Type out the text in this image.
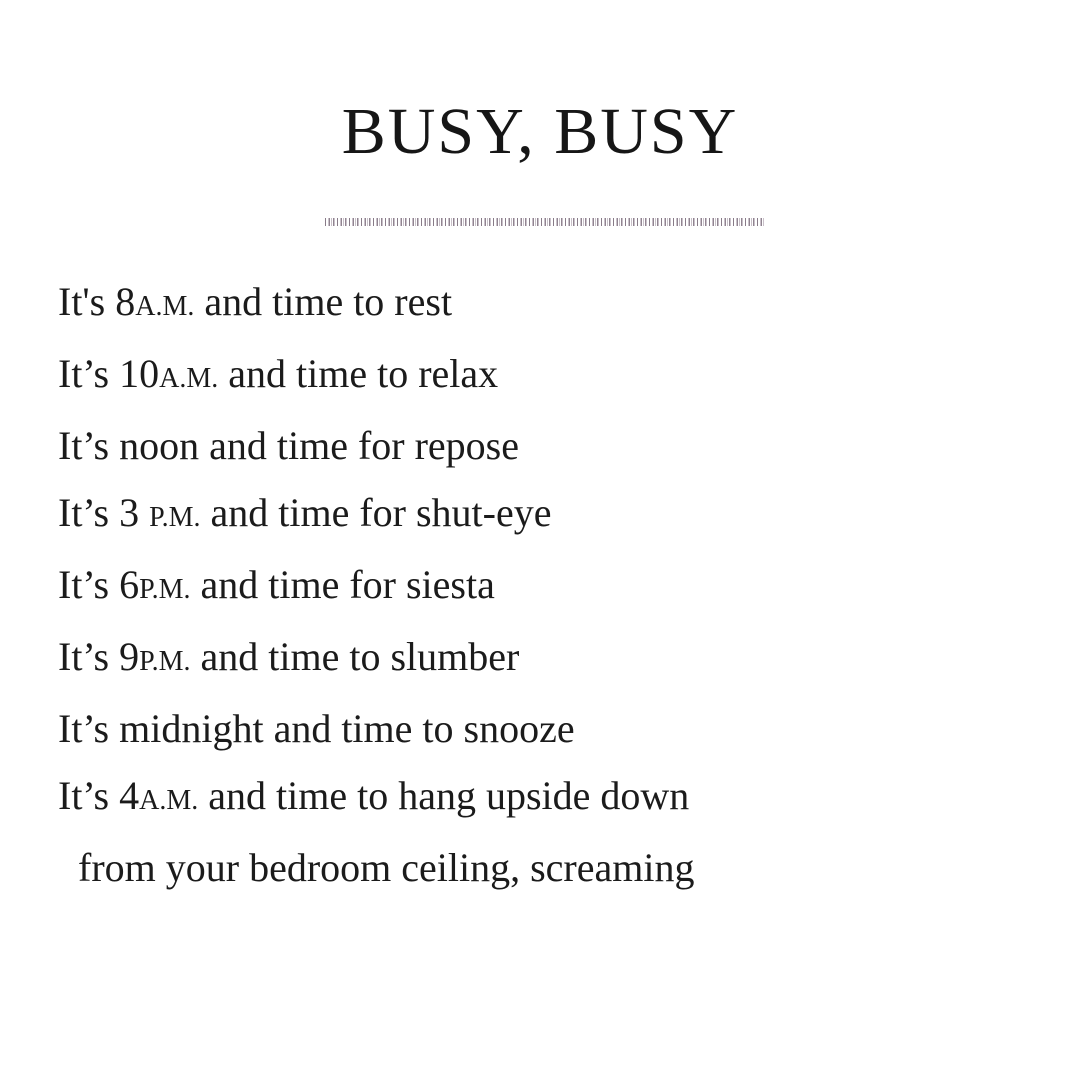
BUSY, BUSY
It's 8A.M. and time to rest
It’s 10A.M. and time to relax
It’s noon and time for repose
It’s 3 P.M. and time for shut-eye
It’s 6P.M. and time for siesta
It’s 9P.M. and time to slumber
It’s midnight and time to snooze
It’s 4A.M. and time to hang upside down
from your bedroom ceiling, screaming
